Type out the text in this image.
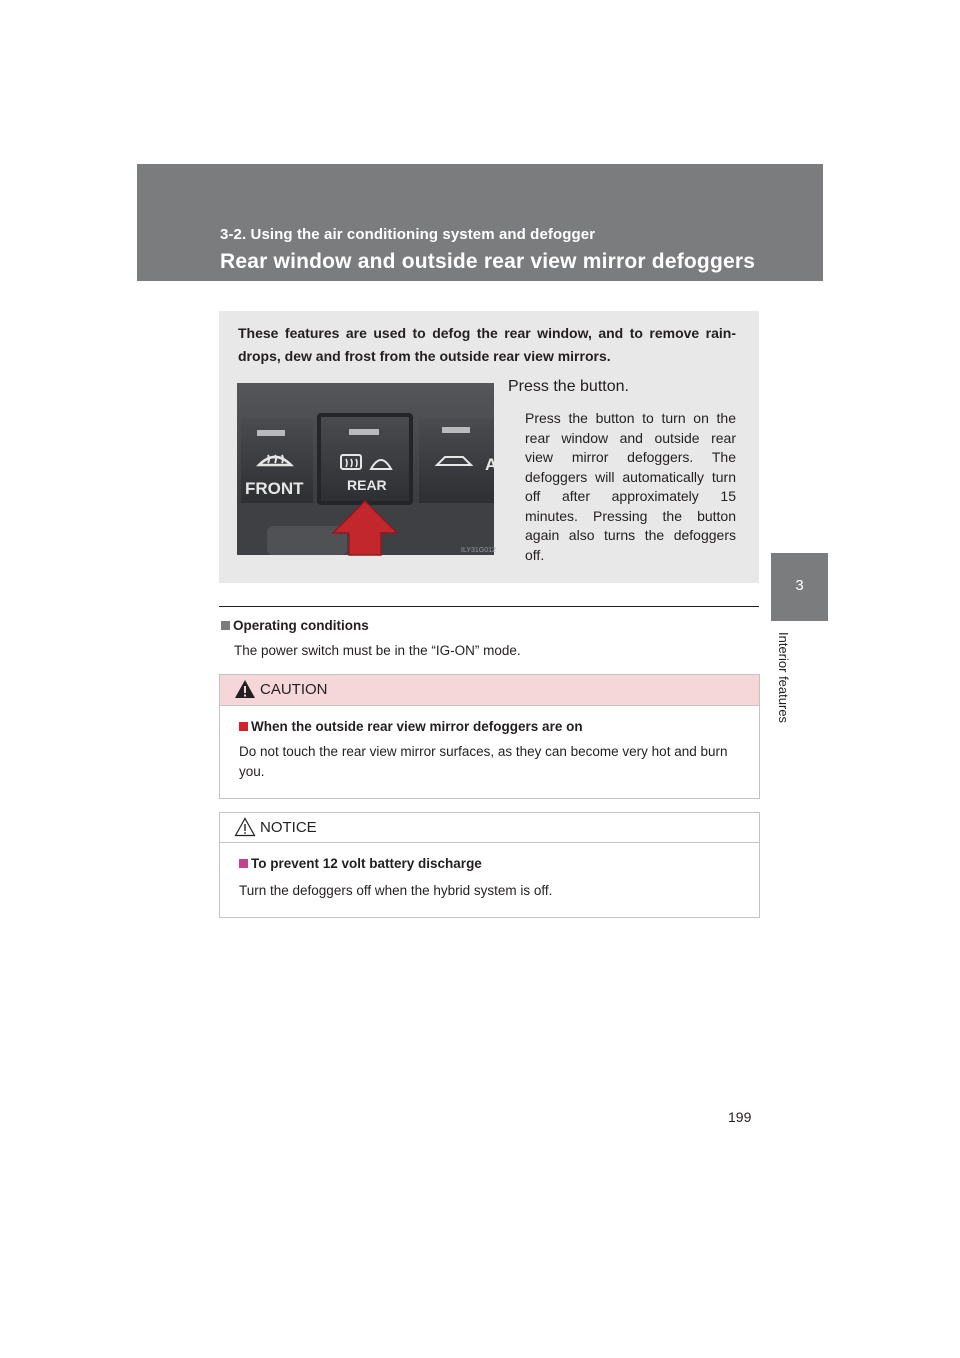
3-2. Using the air conditioning system and defogger
Rear window and outside rear view mirror defoggers
3
Interior features
These features are used to defog the rear window, and to remove rain-drops, dew and frost from the outside rear view mirrors.
FRONT	REAR
A
ILY31G012
Press the button.
Press the button to turn on the rear window and outside rear view mirror defoggers. The defoggers will automatically turn off after approximately 15 minutes. Pressing the button again also turns the defoggers off.
Operating conditions
The power switch must be in the “IG-ON” mode.
CAUTION
When the outside rear view mirror defoggers are on
Do not touch the rear view mirror surfaces, as they can become very hot and burn you.
NOTICE
To prevent 12 volt battery discharge
Turn the defoggers off when the hybrid system is off.
199
